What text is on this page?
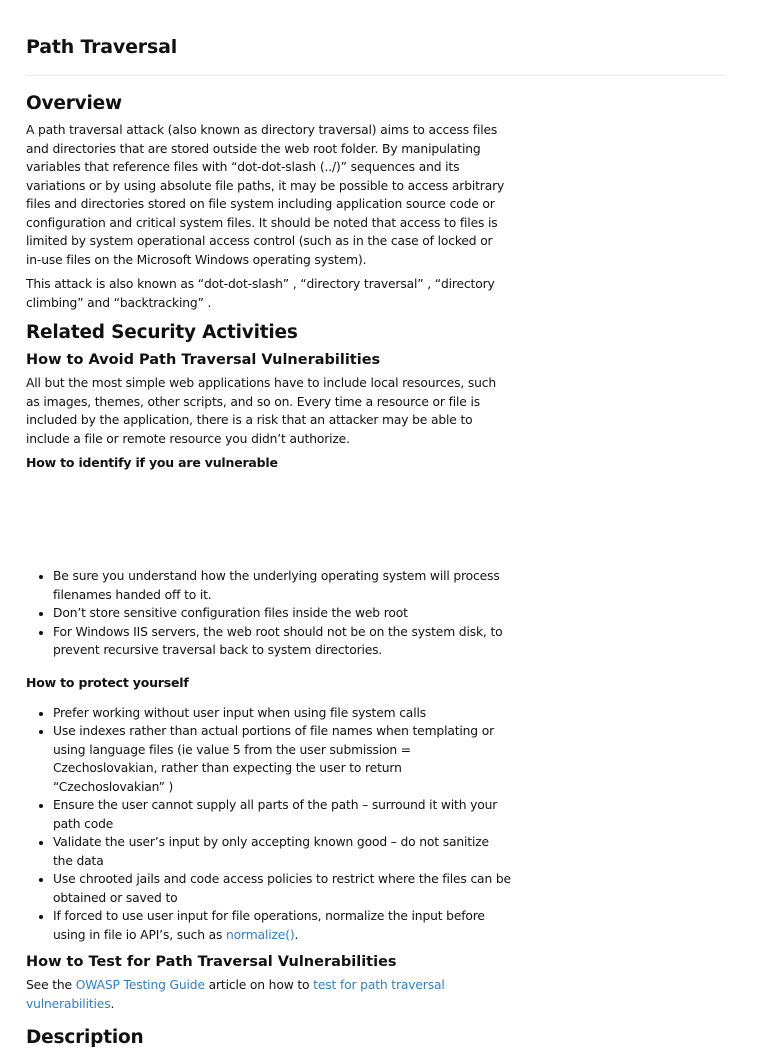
Path Traversal
Overview

A path traversal attack (also known as directory traversal) aims to access files and directories that are stored outside the web root folder. By manipulating variables that reference files with “dot-dot-slash (../)” sequences and its variations or by using absolute file paths, it may be possible to access arbitrary files and directories stored on file system including application source code or configuration and critical system files. It should be noted that access to files is limited by system operational access control (such as in the case of locked or in-use files on the Microsoft Windows operating system).

This attack is also known as “dot-dot-slash” , “directory traversal” , “directory climbing” and “backtracking” .

Related Security Activities
How to Avoid Path Traversal Vulnerabilities

All but the most simple web applications have to include local resources, such as images, themes, other scripts, and so on. Every time a resource or file is included by the application, there is a risk that an attacker may be able to include a file or remote resource you didn’t authorize.

How to identify if you are vulnerable
• Be sure you understand how the underlying operating system will process filenames handed off to it.
• Don’t store sensitive configuration files inside the web root
• For Windows IIS servers, the web root should not be on the system disk, to prevent recursive traversal back to system directories.
How to protect yourself
• Prefer working without user input when using file system calls
• Use indexes rather than actual portions of file names when templating or using language files (ie value 5 from the user submission = Czechoslovakian, rather than expecting the user to return “Czechoslovakian” )
• Ensure the user cannot supply all parts of the path – surround it with your path code
• Validate the user’s input by only accepting known good – do not sanitize the data
• Use chrooted jails and code access policies to restrict where the files can be obtained or saved to
• If forced to use user input for file operations, normalize the input before using in file io API’s, such as normalize().
How to Test for Path Traversal Vulnerabilities

See the OWASP Testing Guide article on how to test for path traversal vulnerabilities.

Description
